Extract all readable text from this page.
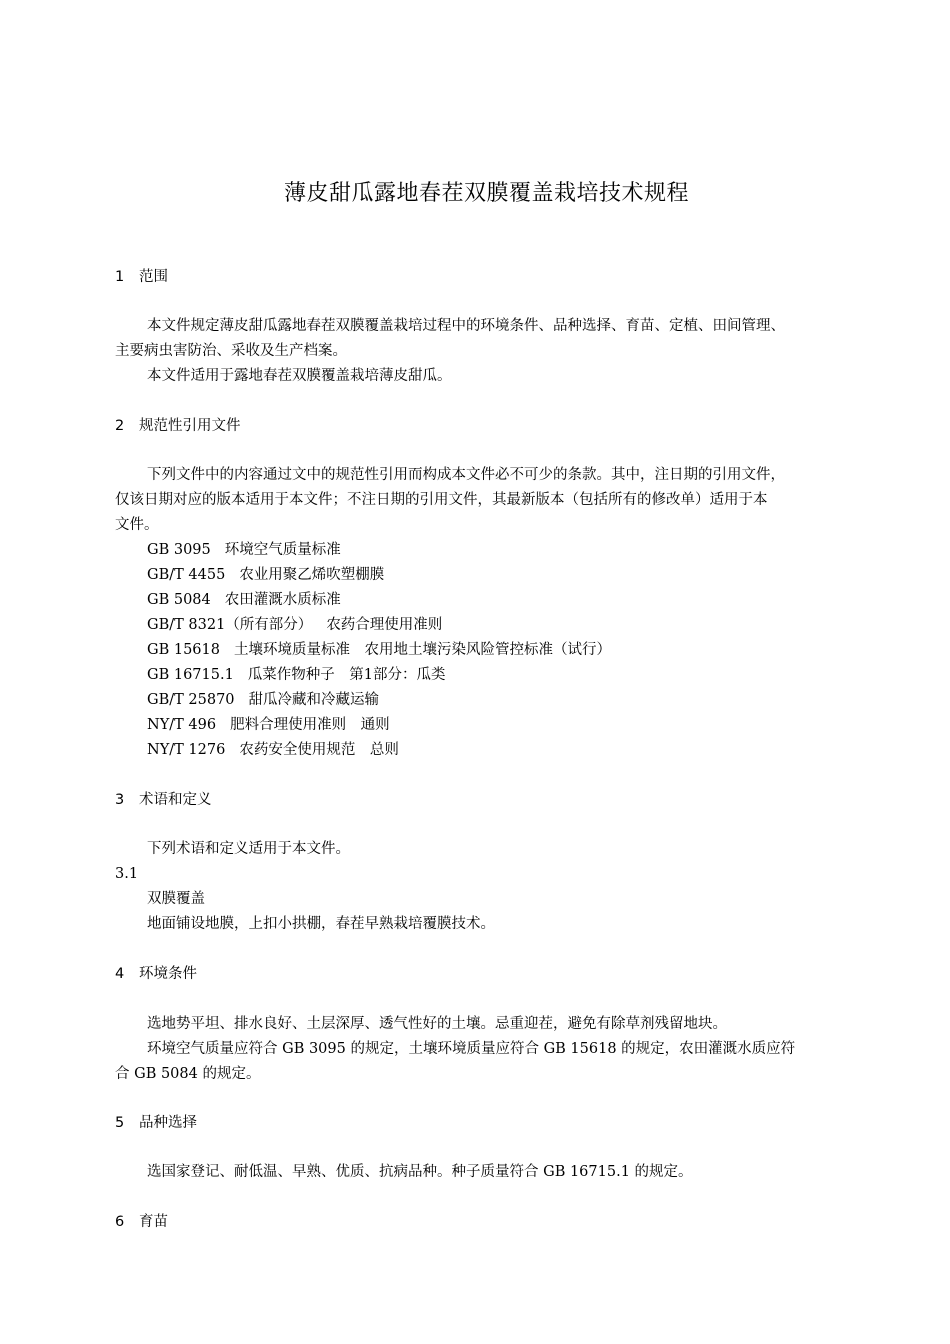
薄皮甜瓜露地春茬双膜覆盖栽培技术规程
1 范围
本文件规定薄皮甜瓜露地春茬双膜覆盖栽培过程中的环境条件、品种选择、育苗、定植、田间管理、
主要病虫害防治、采收及生产档案。
本文件适用于露地春茬双膜覆盖栽培薄皮甜瓜。
2 规范性引用文件
下列文件中的内容通过文中的规范性引用而构成本文件必不可少的条款。其中，注日期的引用文件，
仅该日期对应的版本适用于本文件；不注日期的引用文件，其最新版本（包括所有的修改单）适用于本
文件。
GB 3095 环境空气质量标准
GB/T 4455 农业用聚乙烯吹塑棚膜
GB 5084 农田灌溉水质标准
GB/T 8321（所有部分） 农药合理使用准则
GB 15618 土壤环境质量标准　农用地土壤污染风险管控标准（试行）
GB 16715.1 瓜菜作物种子　第1部分：瓜类
GB/T 25870 甜瓜冷藏和冷藏运输
NY/T 496 肥料合理使用准则　通则
NY/T 1276 农药安全使用规范　总则
3 术语和定义
下列术语和定义适用于本文件。
3.1
双膜覆盖
地面铺设地膜，上扣小拱棚，春茬早熟栽培覆膜技术。
4 环境条件
选地势平坦、排水良好、土层深厚、透气性好的土壤。忌重迎茬，避免有除草剂残留地块。
环境空气质量应符合 GB 3095 的规定，土壤环境质量应符合 GB 15618 的规定，农田灌溉水质应符
合 GB 5084 的规定。
5 品种选择
选国家登记、耐低温、早熟、优质、抗病品种。种子质量符合 GB 16715.1 的规定。
6 育苗
